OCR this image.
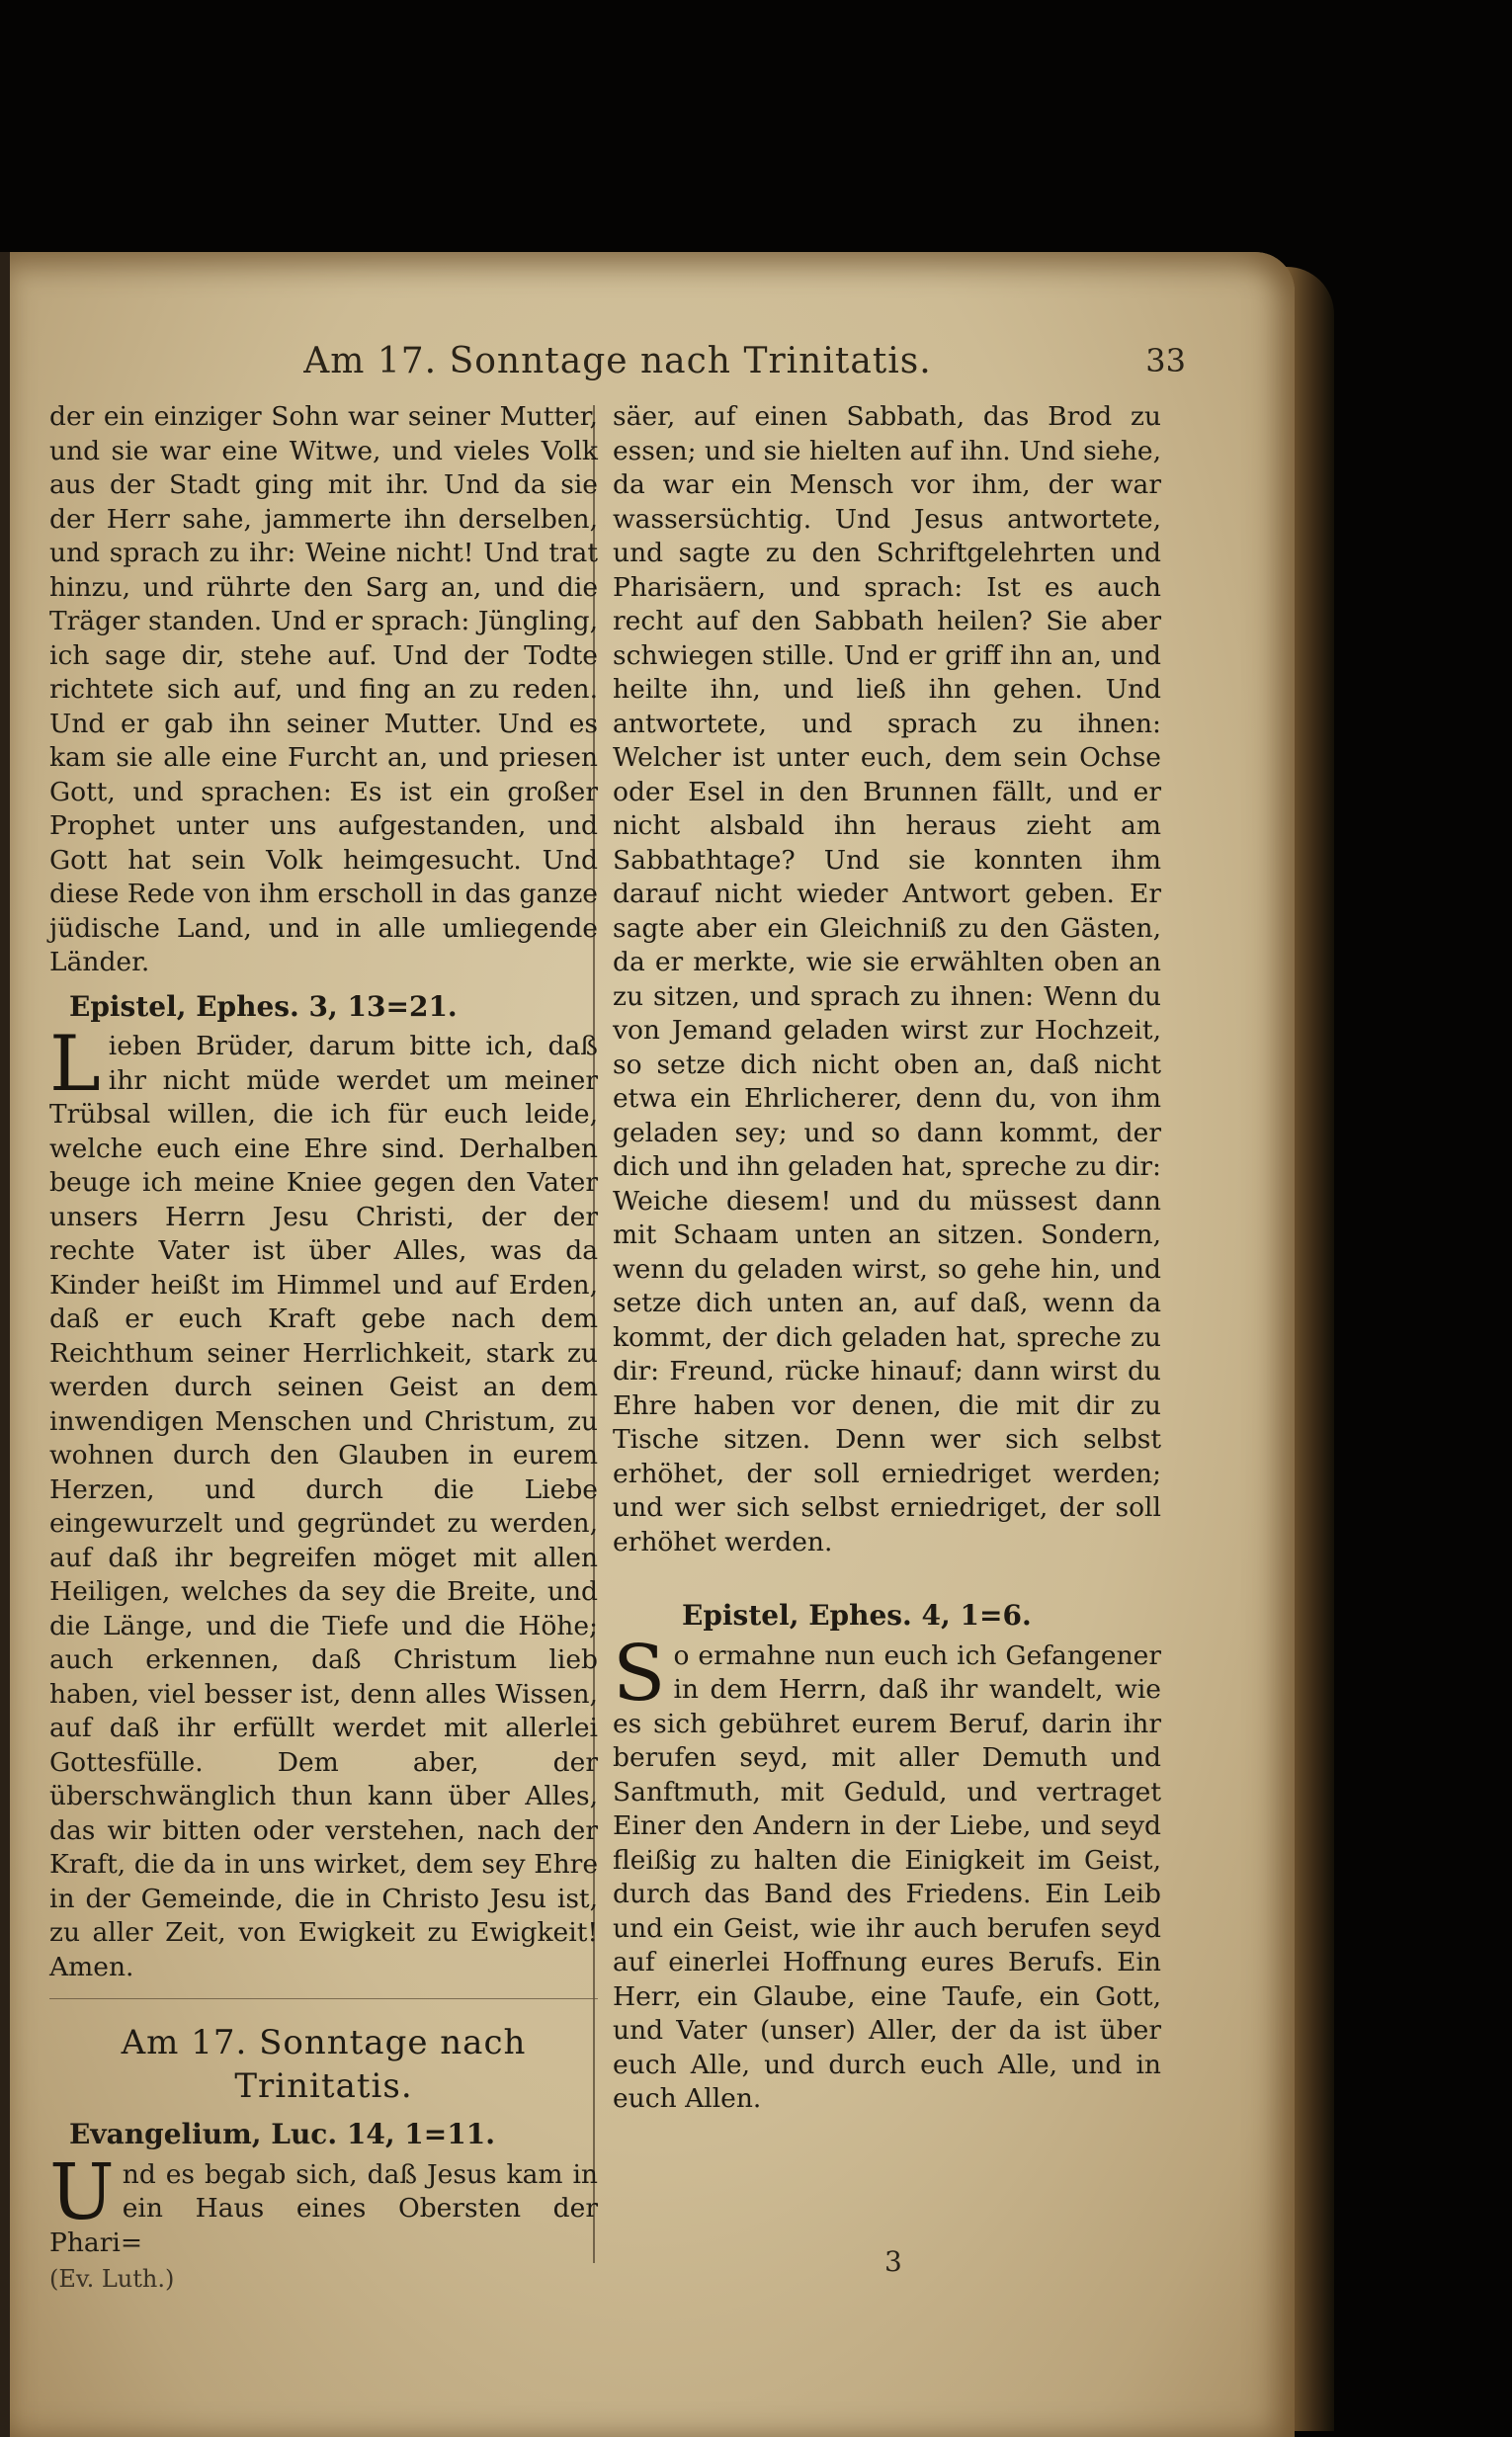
Am 17. Sonntage nach Trinitatis.	33

der ein einziger Sohn war seiner Mutter, und sie war eine Witwe, und vieles Volk aus der Stadt ging mit ihr. Und da sie der Herr sahe, jammerte ihn derselben, und sprach zu ihr: Weine nicht! Und trat hinzu, und rührte den Sarg an, und die Träger standen. Und er sprach: Jüngling, ich sage dir, stehe auf. Und der Todte richtete sich auf, und fing an zu reden. Und er gab ihn seiner Mutter. Und es kam sie alle eine Furcht an, und priesen Gott, und sprachen: Es ist ein großer Prophet unter uns aufgestanden, und Gott hat sein Volk heimgesucht. Und diese Rede von ihm erscholl in das ganze jüdische Land, und in alle umliegende Länder.

Epistel, Ephes. 3, 13=21.

Lieben Brüder, darum bitte ich, daß ihr nicht müde werdet um meiner Trübsal willen, die ich für euch leide, welche euch eine Ehre sind. Derhalben beuge ich meine Kniee gegen den Vater unsers Herrn Jesu Christi, der der rechte Vater ist über Alles, was da Kinder heißt im Himmel und auf Erden, daß er euch Kraft gebe nach dem Reichthum seiner Herrlichkeit, stark zu werden durch seinen Geist an dem inwendigen Menschen und Christum, zu wohnen durch den Glauben in eurem Herzen, und durch die Liebe eingewurzelt und gegründet zu werden, auf daß ihr begreifen möget mit allen Heiligen, welches da sey die Breite, und die Länge, und die Tiefe und die Höhe; auch erkennen, daß Christum lieb haben, viel besser ist, denn alles Wissen, auf daß ihr erfüllt werdet mit allerlei Gottesfülle. Dem aber, der überschwänglich thun kann über Alles, das wir bitten oder verstehen, nach der Kraft, die da in uns wirket, dem sey Ehre in der Gemeinde, die in Christo Jesu ist, zu aller Zeit, von Ewigkeit zu Ewigkeit! Amen.

Am 17. Sonntage nach Trinitatis.
Evangelium, Luc. 14, 1=11.

Und es begab sich, daß Jesus kam in ein Haus eines Obersten der Phari=

(Ev. Luth.)

säer, auf einen Sabbath, das Brod zu essen; und sie hielten auf ihn. Und siehe, da war ein Mensch vor ihm, der war wassersüchtig. Und Jesus antwortete, und sagte zu den Schriftgelehrten und Pharisäern, und sprach: Ist es auch recht auf den Sabbath heilen? Sie aber schwiegen stille. Und er griff ihn an, und heilte ihn, und ließ ihn gehen. Und antwortete, und sprach zu ihnen: Welcher ist unter euch, dem sein Ochse oder Esel in den Brunnen fällt, und er nicht alsbald ihn heraus zieht am Sabbathtage? Und sie konnten ihm darauf nicht wieder Antwort geben. Er sagte aber ein Gleichniß zu den Gästen, da er merkte, wie sie erwählten oben an zu sitzen, und sprach zu ihnen: Wenn du von Jemand geladen wirst zur Hochzeit, so setze dich nicht oben an, daß nicht etwa ein Ehrlicherer, denn du, von ihm geladen sey; und so dann kommt, der dich und ihn geladen hat, spreche zu dir: Weiche diesem! und du müssest dann mit Schaam unten an sitzen. Sondern, wenn du geladen wirst, so gehe hin, und setze dich unten an, auf daß, wenn da kommt, der dich geladen hat, spreche zu dir: Freund, rücke hinauf; dann wirst du Ehre haben vor denen, die mit dir zu Tische sitzen. Denn wer sich selbst erhöhet, der soll erniedriget werden; und wer sich selbst erniedriget, der soll erhöhet werden.

Epistel, Ephes. 4, 1=6.

So ermahne nun euch ich Gefangener in dem Herrn, daß ihr wandelt, wie es sich gebühret eurem Beruf, darin ihr berufen seyd, mit aller Demuth und Sanftmuth, mit Geduld, und vertraget Einer den Andern in der Liebe, und seyd fleißig zu halten die Einigkeit im Geist, durch das Band des Friedens. Ein Leib und ein Geist, wie ihr auch berufen seyd auf einerlei Hoffnung eures Berufs. Ein Herr, ein Glaube, eine Taufe, ein Gott, und Vater (unser) Aller, der da ist über euch Alle, und durch euch Alle, und in euch Allen.

3
